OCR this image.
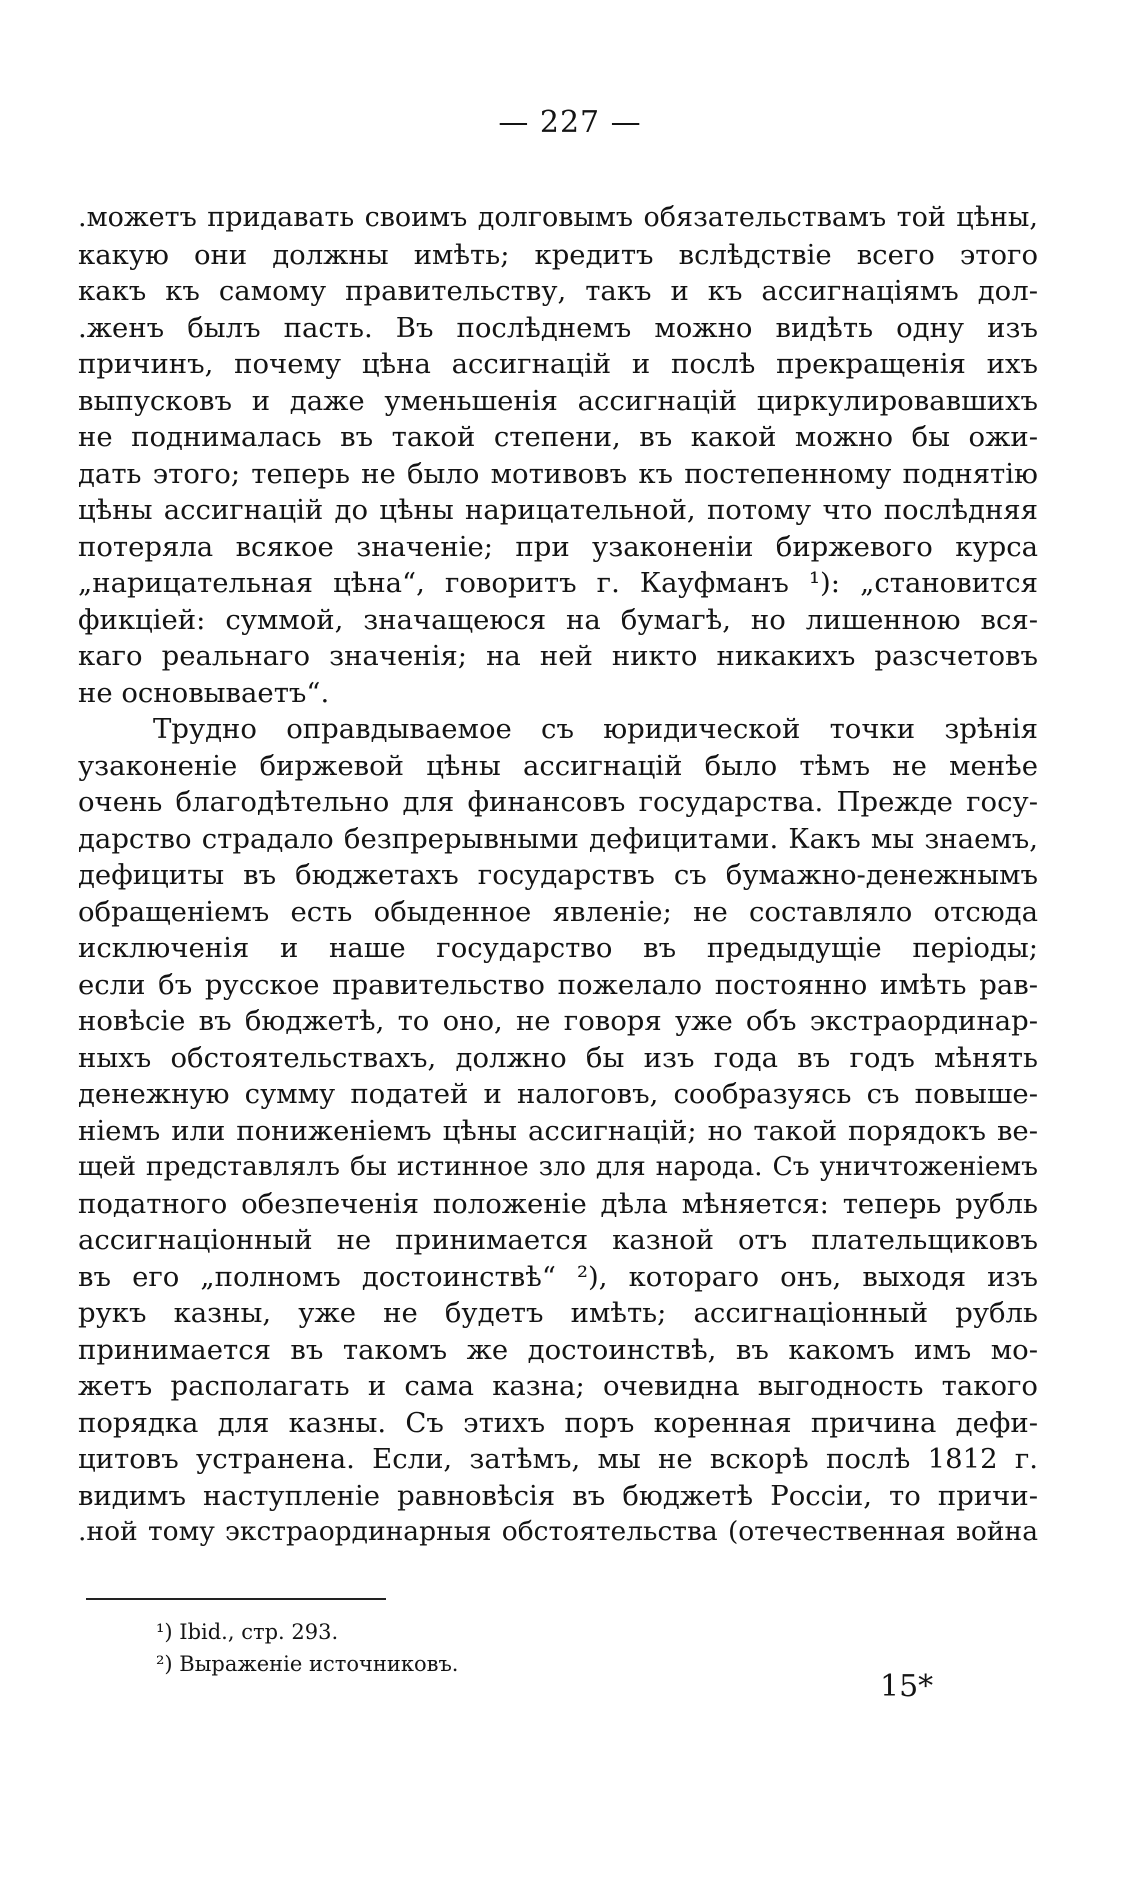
— 227 —
.можетъ придавать своимъ долговымъ обязательствамъ той цѣны,
какую они должны имѣть; кредитъ вслѣдствіе всего этого
какъ къ самому правительству, такъ и къ ассигнаціямъ дол-
.женъ былъ пасть. Въ послѣднемъ можно видѣть одну изъ
причинъ, почему цѣна ассигнацій и послѣ прекращенія ихъ
выпусковъ и даже уменьшенія ассигнацій циркулировавшихъ
не поднималась въ такой степени, въ какой можно бы ожи-
дать этого; теперь не было мотивовъ къ постепенному поднятію
цѣны ассигнацій до цѣны нарицательной, потому что послѣдняя
потеряла всякое значеніе; при узаконеніи биржевого курса
„нарицательная цѣна“, говоритъ г. Кауфманъ ¹): „становится
фикціей: суммой, значащеюся на бумагѣ, но лишенною вся-
каго реальнаго значенія; на ней никто никакихъ разсчетовъ
не основываетъ“.
Трудно оправдываемое съ юридической точки зрѣнія
узаконеніе биржевой цѣны ассигнацій было тѣмъ не менѣе
очень благодѣтельно для финансовъ государства. Прежде госу-
дарство страдало безпрерывными дефицитами. Какъ мы знаемъ,
дефициты въ бюджетахъ государствъ съ бумажно-денежнымъ
обращеніемъ есть обыденное явленіе; не составляло отсюда
исключенія и наше государство въ предыдущіе періоды;
если бъ русское правительство пожелало постоянно имѣть рав-
новѣсіе въ бюджетѣ, то оно, не говоря уже объ экстраординар-
ныхъ обстоятельствахъ, должно бы изъ года въ годъ мѣнять
денежную сумму податей и налоговъ, сообразуясь съ повыше-
ніемъ или пониженіемъ цѣны ассигнацій; но такой порядокъ ве-
щей представлялъ бы истинное зло для народа. Съ уничтоженіемъ
податного обезпеченія положеніе дѣла мѣняется: теперь рубль
ассигнаціонный не принимается казной отъ плательщиковъ
въ его „полномъ достоинствѣ“ ²), котораго онъ, выходя изъ
рукъ казны, уже не будетъ имѣть; ассигнаціонный рубль
принимается въ такомъ же достоинствѣ, въ какомъ имъ мо-
жетъ располагать и сама казна; очевидна выгодность такого
порядка для казны. Съ этихъ поръ коренная причина дефи-
цитовъ устранена. Если, затѣмъ, мы не вскорѣ послѣ 1812 г.
видимъ наступленіе равновѣсія въ бюджетѣ Россіи, то причи-
.ной тому экстраординарныя обстоятельства (отечественная война
¹) Ibid., стр. 293.
²) Выраженіе источниковъ.
15*
